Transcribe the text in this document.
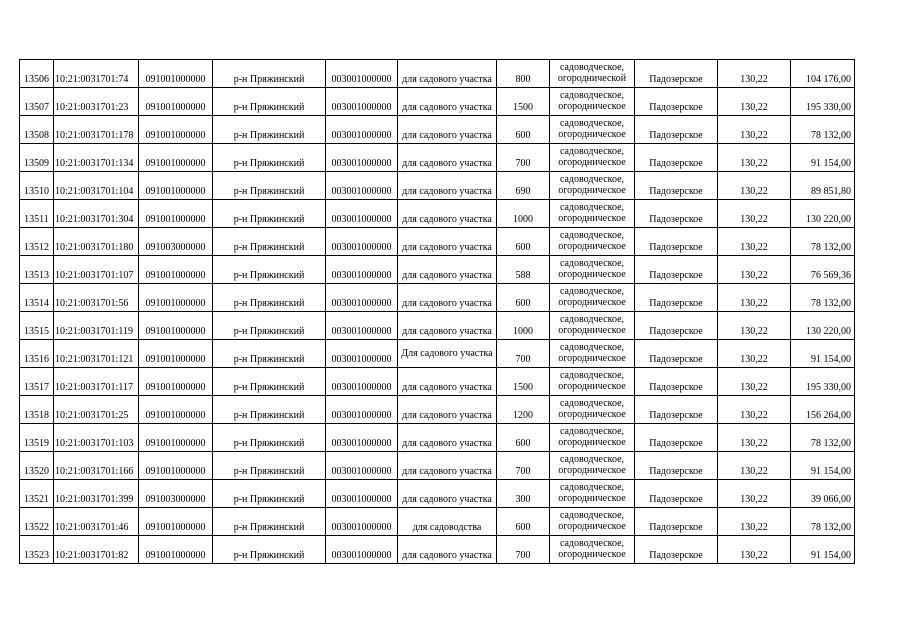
13506	10:21:0031701:74	091001000000	р-н Пряжинский	003001000000	для садового участка	800	садоводческое, огороднической	Падозерское	130,22	104 176,00

13507	10:21:0031701:23	091001000000	р-н Пряжинский	003001000000	для садового участка	1500	садоводческое, огородническое	Падозерское	130,22	195 330,00

13508	10:21:0031701:178	091001000000	р-н Пряжинский	003001000000	для садового участка	600	садоводческое, огородническое	Падозерское	130,22	78 132,00

13509	10:21:0031701:134	091001000000	р-н Пряжинский	003001000000	для садового участка	700	садоводческое, огородническое	Падозерское	130,22	91 154,00

13510	10:21:0031701:104	091001000000	р-н Пряжинский	003001000000	для садового участка	690	садоводческое, огородническое	Падозерское	130,22	89 851,80

13511	10:21:0031701:304	091001000000	р-н Пряжинский	003001000000	для садового участка	1000	садоводческое, огородническое	Падозерское	130,22	130 220,00

13512	10:21:0031701:180	091003000000	р-н Пряжинский	003001000000	для садового участка	600	садоводческое, огородническое	Падозерское	130,22	78 132,00

13513	10:21:0031701:107	091001000000	р-н Пряжинский	003001000000	для садового участка	588	садоводческое, огородническое	Падозерское	130,22	76 569,36

13514	10:21:0031701:56	091001000000	р-н Пряжинский	003001000000	для садового участка	600	садоводческое, огородническое	Падозерское	130,22	78 132,00

13515	10:21:0031701:119	091001000000	р-н Пряжинский	003001000000	для садового участка	1000	садоводческое, огородническое	Падозерское	130,22	130 220,00

13516	10:21:0031701:121	091001000000	р-н Пряжинский	003001000000	Для садового участка	700	садоводческое, огородническое	Падозерское	130,22	91 154,00

13517	10:21:0031701:117	091001000000	р-н Пряжинский	003001000000	для садового участка	1500	садоводческое, огородническое	Падозерское	130,22	195 330,00

13518	10:21:0031701:25	091001000000	р-н Пряжинский	003001000000	для садового участка	1200	садоводческое, огородническое	Падозерское	130,22	156 264,00

13519	10:21:0031701:103	091001000000	р-н Пряжинский	003001000000	для садового участка	600	садоводческое, огородническое	Падозерское	130,22	78 132,00

13520	10:21:0031701:166	091001000000	р-н Пряжинский	003001000000	для садового участка	700	садоводческое, огородническое	Падозерское	130,22	91 154,00

13521	10:21:0031701:399	091003000000	р-н Пряжинский	003001000000	для садового участка	300	садоводческое, огородническое	Падозерское	130,22	39 066,00

13522	10:21:0031701:46	091001000000	р-н Пряжинский	003001000000	для садоводства	600	садоводческое, огородническое	Падозерское	130,22	78 132,00

13523	10:21:0031701:82	091001000000	р-н Пряжинский	003001000000	для садового участка	700	садоводческое, огородническое	Падозерское	130,22	91 154,00
